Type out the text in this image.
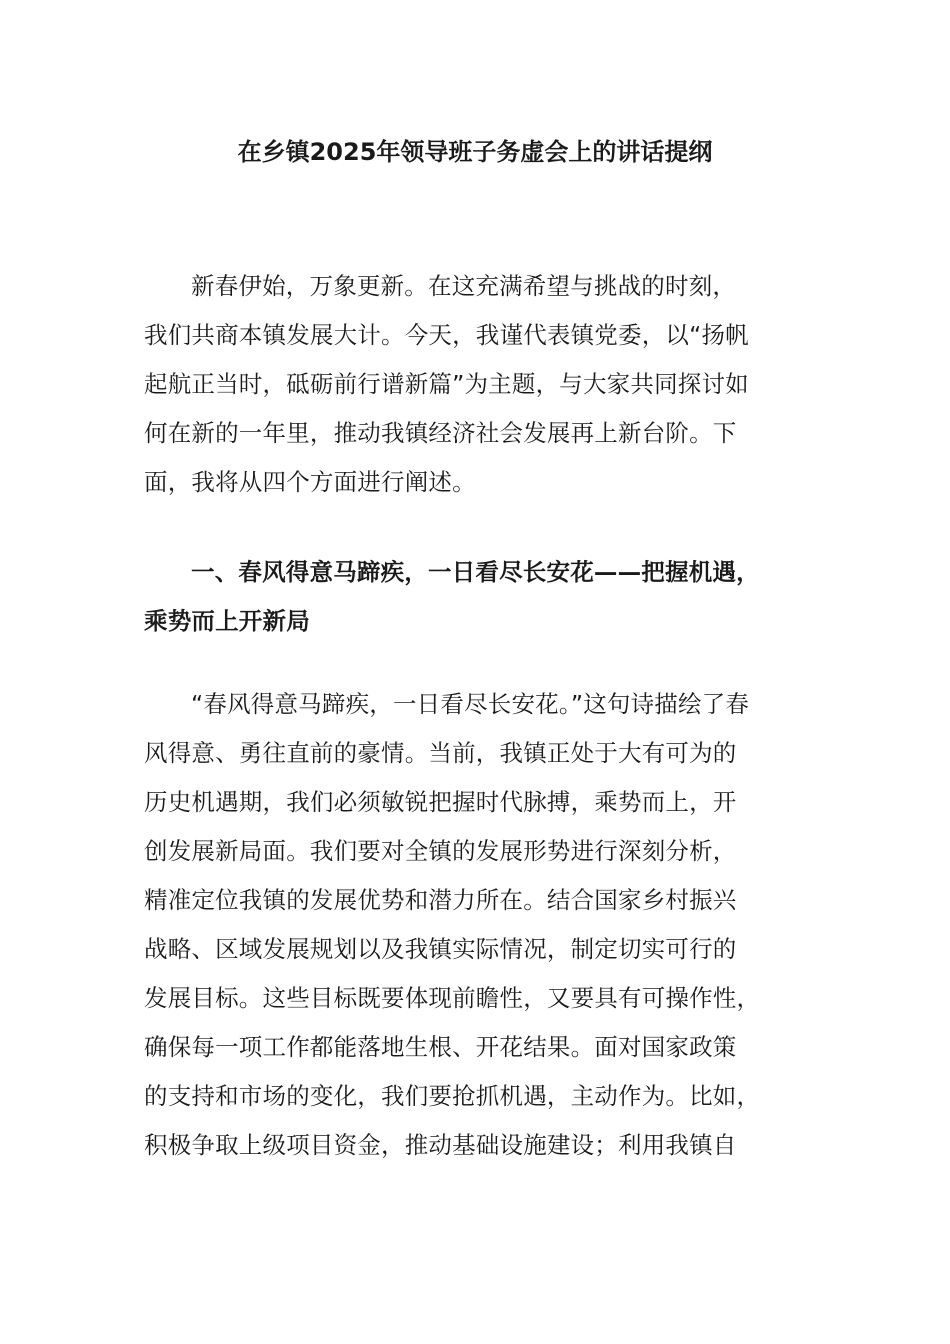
在乡镇2025年领导班子务虚会上的讲话提纲
新春伊始，万象更新。在这充满希望与挑战的时刻，
我们共商本镇发展大计。今天，我谨代表镇党委，以“扬帆
起航正当时，砥砺前行谱新篇”为主题，与大家共同探讨如
何在新的一年里，推动我镇经济社会发展再上新台阶。下
面，我将从四个方面进行阐述。
一、春风得意马蹄疾，一日看尽长安花——把握机遇，
乘势而上开新局
“春风得意马蹄疾，一日看尽长安花。”这句诗描绘了春
风得意、勇往直前的豪情。当前，我镇正处于大有可为的
历史机遇期，我们必须敏锐把握时代脉搏，乘势而上，开
创发展新局面。我们要对全镇的发展形势进行深刻分析，
精准定位我镇的发展优势和潜力所在。结合国家乡村振兴
战略、区域发展规划以及我镇实际情况，制定切实可行的
发展目标。这些目标既要体现前瞻性，又要具有可操作性，
确保每一项工作都能落地生根、开花结果。面对国家政策
的支持和市场的变化，我们要抢抓机遇，主动作为。比如，
积极争取上级项目资金，推动基础设施建设；利用我镇自
